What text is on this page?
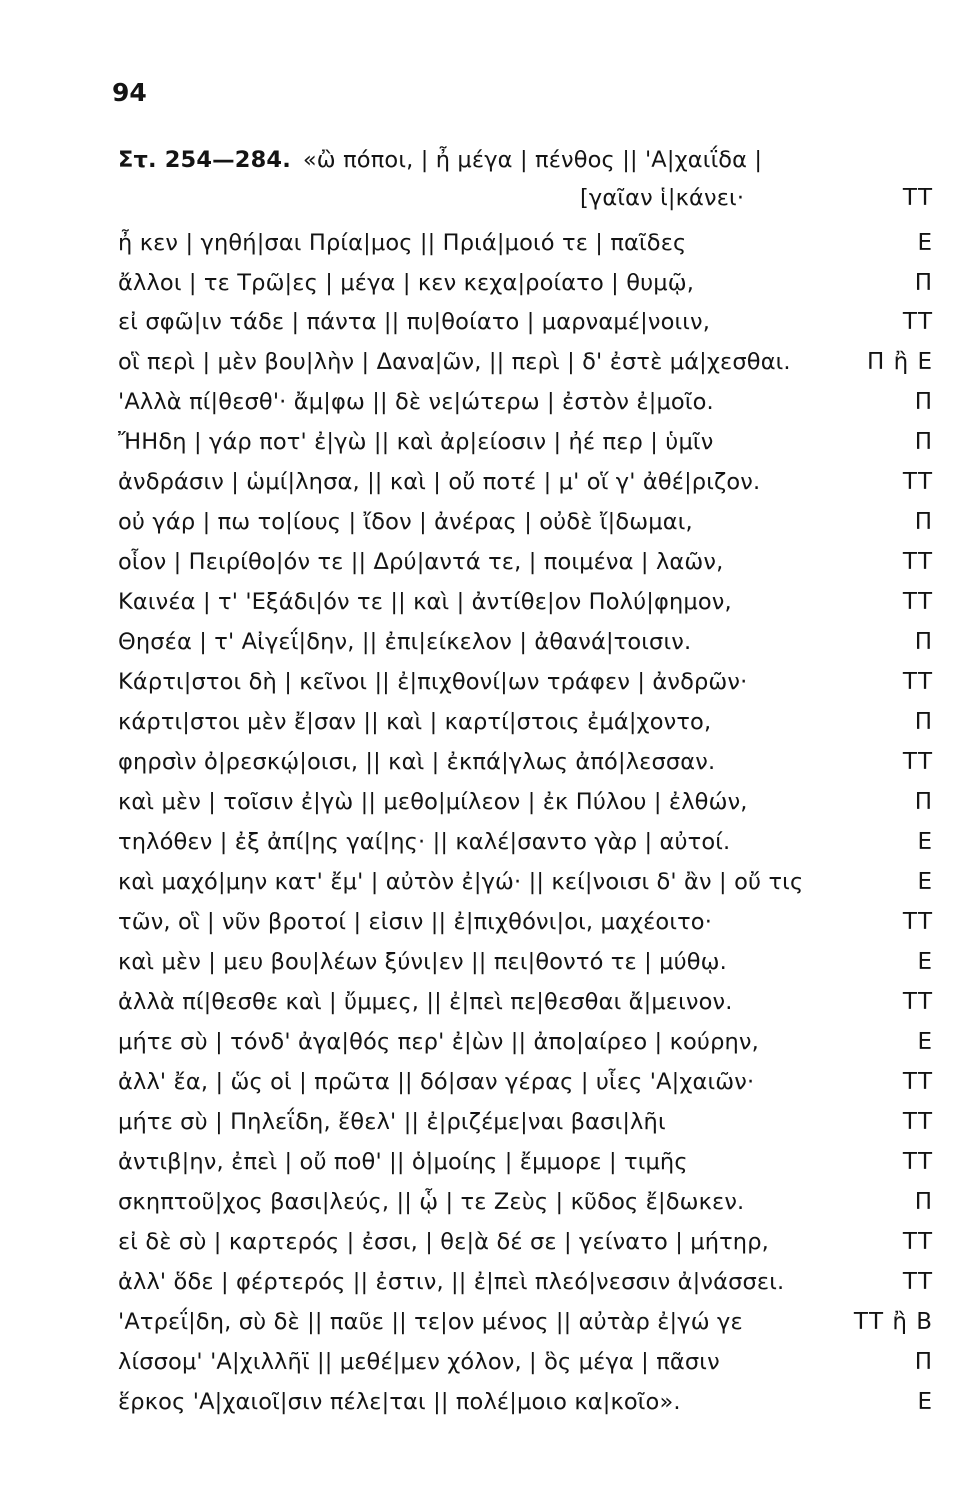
94
Στ. 254—284. «ὢ πόποι, | ἦ μέγα | πένθος || 'Α|χαιΐδα |
[γαῖαν ἱ|κάνει·	ΤΤ
ἦ κεν | γηθή|σαι Πρία|μος || Πριά|μοιό τε | παῖδες	Ε
ἄλλοι | τε Τρῶ|ες | μέγα | κεν κεχα|ροίατο | θυμῷ,	Π
εἰ σφῶ|ιν τάδε | πάντα || πυ|θοίατο | μαρναμέ|νοιιν,	ΤΤ
οἳ περὶ | μὲν βου|λὴν | Δανα|ῶν, || περὶ | δ' ἐστὲ μά|χεσθαι.	Π ἢ Ε
'Αλλὰ πί|θεσθ'· ἄμ|φω || δὲ νε|ώτερω | ἐστὸν ἐ|μοῖο.	Π
ἬΗδη | γάρ ποτ' ἐ|γὼ || καὶ ἀρ|είοσιν | ἠέ περ | ὑμῖν	Π
ἀνδράσιν | ὡμί|λησα, || καὶ | οὔ ποτέ | μ' οἵ γ' ἀθέ|ριζον.	ΤΤ
οὐ γάρ | πω το|ίους | ἴδον | ἀνέρας | οὐδὲ ἴ|δωμαι,	Π
οἷον | Πειρίθο|όν τε || Δρύ|αντά τε, | ποιμένα | λαῶν,	ΤΤ
Καινέα | τ' 'Εξάδι|όν τε || καὶ | ἀντίθε|ον Πολύ|φημον,	ΤΤ
Θησέα | τ' Αἰγεΐ|δην, || ἐπι|είκελον | ἀθανά|τοισιν.	Π
Κάρτι|στοι δὴ | κεῖνοι || ἐ|πιχθονί|ων τράφεν | ἀνδρῶν·	ΤΤ
κάρτι|στοι μὲν ἔ|σαν || καὶ | καρτί|στοις ἐμά|χοντο,	Π
φηρσὶν ὀ|ρεσκῴ|οισι, || καὶ | ἐκπά|γλως ἀπό|λεσσαν.	ΤΤ
καὶ μὲν | τοῖσιν ἐ|γὼ || μεθο|μίλεον | ἐκ Πύλου | ἐλθών,	Π
τηλόθεν | ἐξ ἀπί|ης γαί|ης· || καλέ|σαντο γὰρ | αὐτοί.	Ε
καὶ μαχό|μην κατ' ἔμ' | αὐτὸν ἐ|γώ· || κεί|νοισι δ' ἂν | οὔ τις	Ε
τῶν, οἳ | νῦν βροτοί | εἰσιν || ἐ|πιχθόνι|οι, μαχέοιτο·	ΤΤ
καὶ μὲν | μευ βου|λέων ξύνι|εν || πει|θοντό τε | μύθῳ.	Ε
ἀλλὰ πί|θεσθε καὶ | ὔμμες, || ἐ|πεὶ πε|θεσθαι ἄ|μεινον.	ΤΤ
μήτε σὺ | τόνδ' ἀγα|θός περ' ἐ|ὼν || ἀπο|αίρεο | κούρην,	Ε
ἀλλ' ἔα, | ὥς οἱ | πρῶτα || δό|σαν γέρας | υἷες 'Α|χαιῶν·	ΤΤ
μήτε σὺ | Πηλεΐδη, ἔθελ' || ἐ|ριζέμε|ναι βασι|λῆι	ΤΤ
ἀντιβ|ην, ἐπεὶ | οὔ ποθ' || ὁ|μοίης | ἔμμορε | τιμῆς	ΤΤ
σκηπτοῦ|χος βασι|λεύς, || ᾧ | τε Ζεὺς | κῦδος ἔ|δωκεν.	Π
εἰ δὲ σὺ | καρτερός | ἐσσι, | θε|ὰ δέ σε | γείνατο | μήτηρ,	ΤΤ
ἀλλ' ὅδε | φέρτερός || ἐστιν, || ἐ|πεὶ πλεό|νεσσιν ἀ|νάσσει.	ΤΤ
'Ατρεΐ|δη, σὺ δὲ || παῦε || τε|ον μένος || αὐτὰρ ἐ|γώ γε	ΤΤ ἢ Β
λίσσομ' 'Α|χιλλῆϊ || μεθέ|μεν χόλον, | ὃς μέγα | πᾶσιν	Π
ἕρκος 'Α|χαιοῖ|σιν πέλε|ται || πολέ|μοιο κα|κοῖο».	Ε
